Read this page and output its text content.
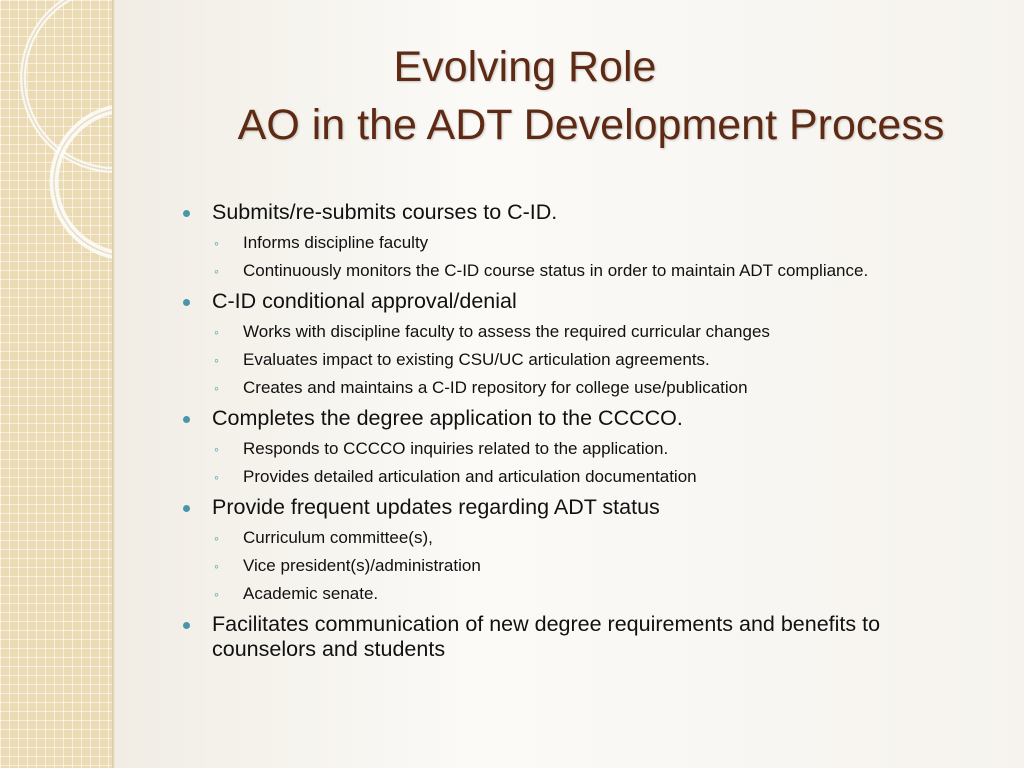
Evolving Role
AO in the ADT Development Process
Submits/re-submits courses to C-ID.
◦ Informs discipline faculty
◦ Continuously monitors the C-ID course status in order to maintain ADT compliance.
C-ID conditional approval/denial
◦ Works with discipline faculty to assess the required curricular changes
◦ Evaluates impact to existing CSU/UC articulation agreements.
◦ Creates and maintains a C-ID repository for college use/publication
Completes the degree application to the CCCCO.
◦ Responds to CCCCO inquiries related to the application.
◦ Provides detailed articulation and articulation documentation
Provide frequent updates regarding ADT status
◦ Curriculum committee(s),
◦ Vice president(s)/administration
◦ Academic senate.
Facilitates communication of new degree requirements and benefits to counselors and students
